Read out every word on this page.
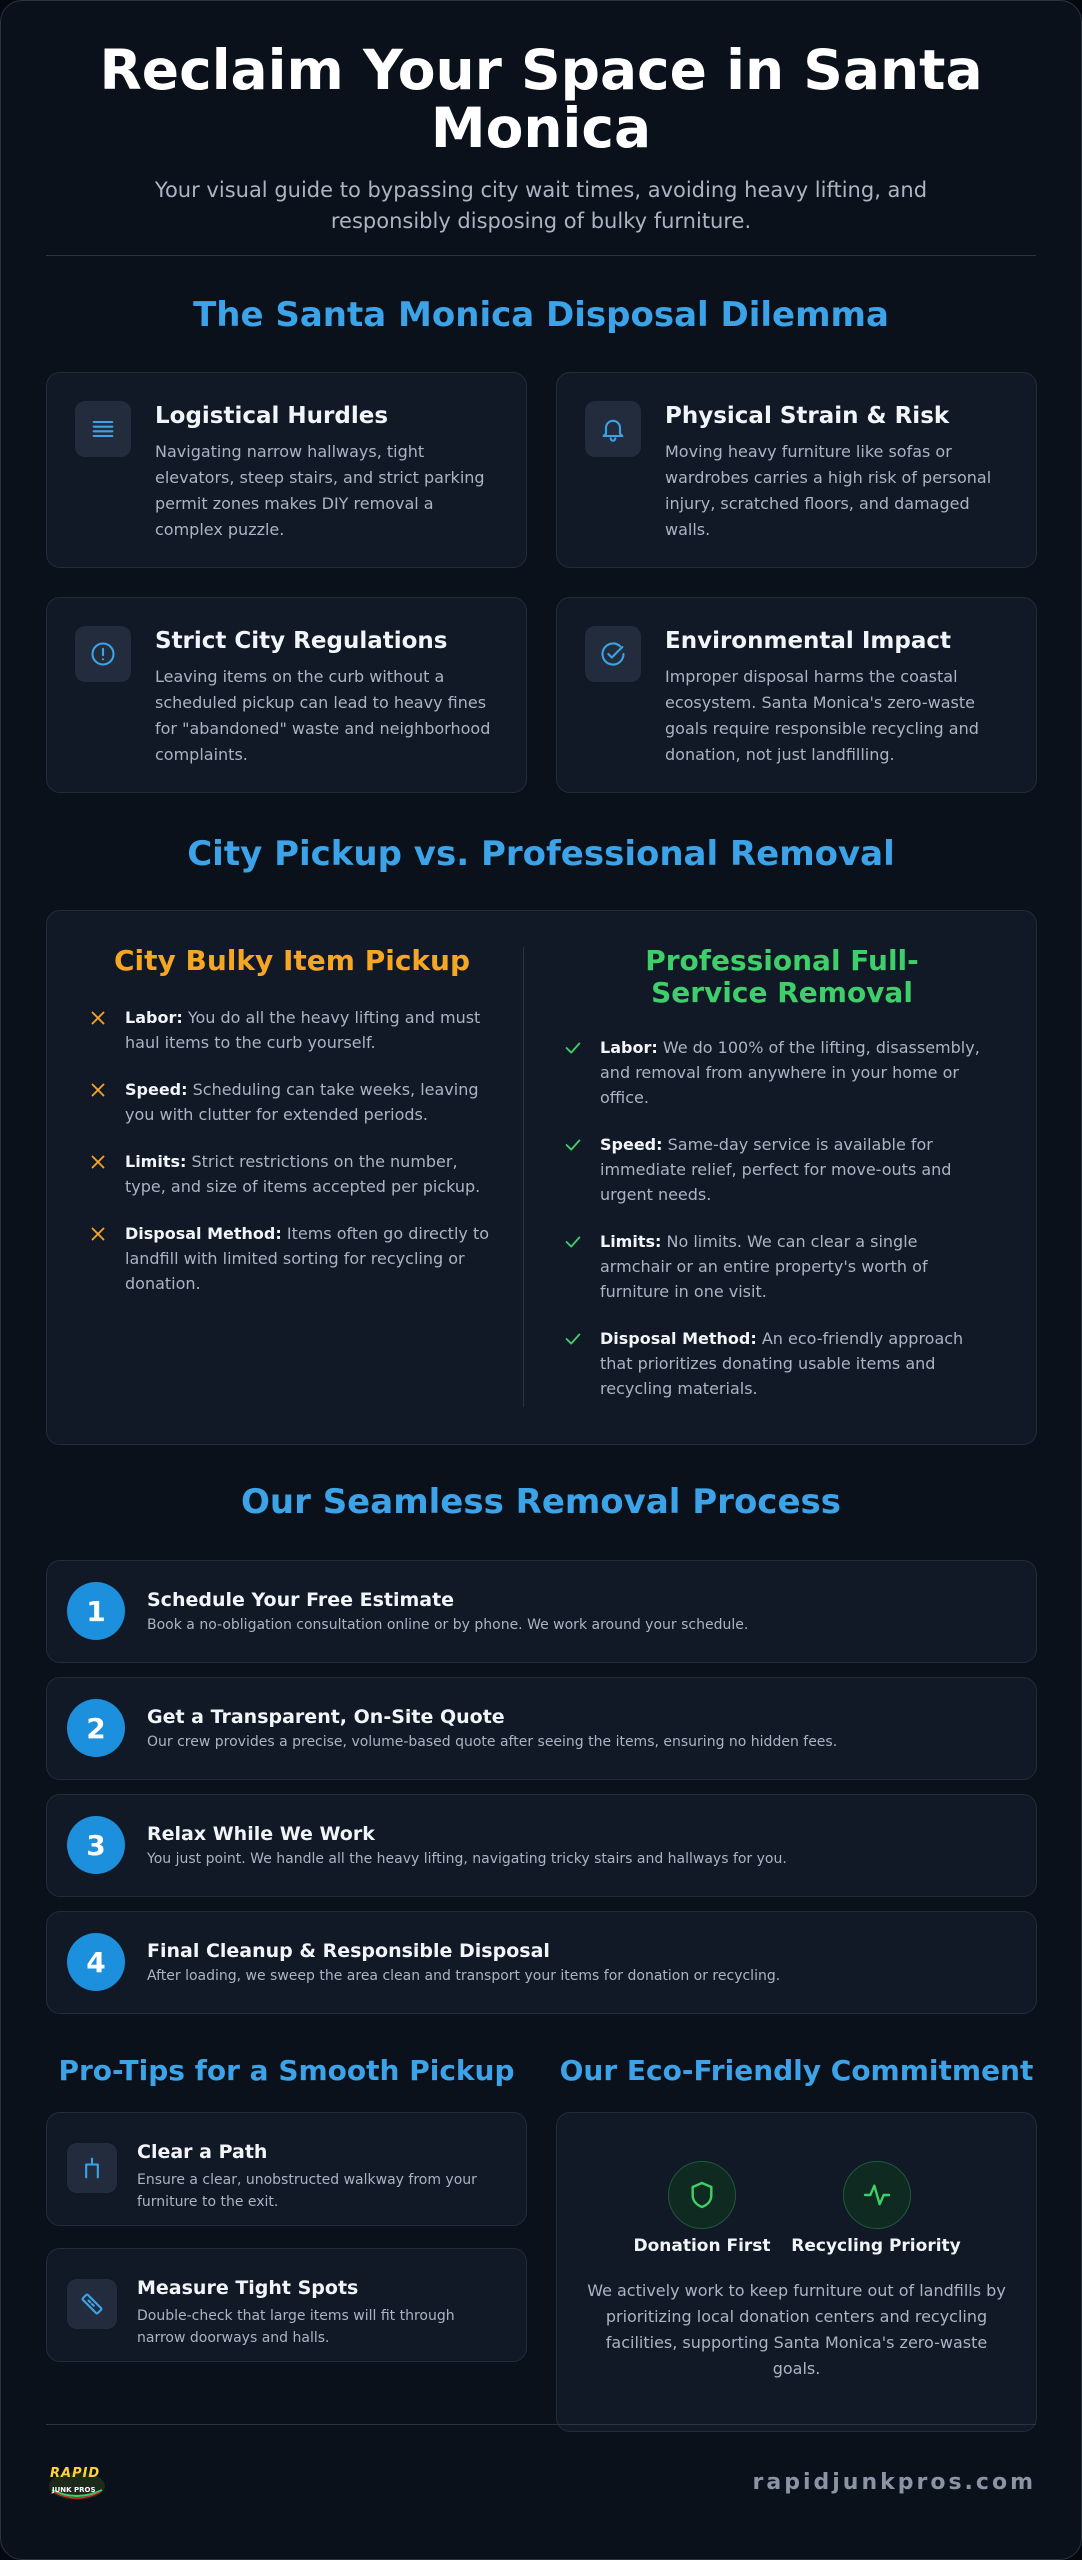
Reclaim Your Space in Santa Monica

Your visual guide to bypassing city wait times, avoiding heavy lifting, and responsibly disposing of bulky furniture.

The Santa Monica Disposal Dilemma
Logistical Hurdles

Navigating narrow hallways, tight elevators, steep stairs, and strict parking permit zones makes DIY removal a complex puzzle.

Physical Strain & Risk

Moving heavy furniture like sofas or wardrobes carries a high risk of personal injury, scratched floors, and damaged walls.

Strict City Regulations

Leaving items on the curb without a scheduled pickup can lead to heavy fines for "abandoned" waste and neighborhood complaints.

Environmental Impact

Improper disposal harms the coastal ecosystem. Santa Monica's zero-waste goals require responsible recycling and donation, not just landfilling.

City Pickup vs. Professional Removal
City Bulky Item Pickup
Labor: You do all the heavy lifting and must haul items to the curb yourself.
Speed: Scheduling can take weeks, leaving you with clutter for extended periods.
Limits: Strict restrictions on the number, type, and size of items accepted per pickup.
Disposal Method: Items often go directly to landfill with limited sorting for recycling or donation.
Professional Full-Service Removal
Labor: We do 100% of the lifting, disassembly, and removal from anywhere in your home or office.
Speed: Same-day service is available for immediate relief, perfect for move-outs and urgent needs.
Limits: No limits. We can clear a single armchair or an entire property's worth of furniture in one visit.
Disposal Method: An eco-friendly approach that prioritizes donating usable items and recycling materials.
Our Seamless Removal Process
1	Schedule Your Free Estimate

Book a no-obligation consultation online or by phone. We work around your schedule.

2	Get a Transparent, On-Site Quote

Our crew provides a precise, volume-based quote after seeing the items, ensuring no hidden fees.

3	Relax While We Work

You just point. We handle all the heavy lifting, navigating tricky stairs and hallways for you.

4	Final Cleanup & Responsible Disposal

After loading, we sweep the area clean and transport your items for donation or recycling.

Pro-Tips for a Smooth Pickup
Clear a Path

Ensure a clear, unobstructed walkway from your furniture to the exit.

Measure Tight Spots

Double-check that large items will fit through narrow doorways and halls.

Our Eco-Friendly Commitment
Donation First	Recycling Priority

We actively work to keep furniture out of landfills by prioritizing local donation centers and recycling facilities, supporting Santa Monica's zero-waste goals.

RAPID
JUNK PROS	rapidjunkpros.com
